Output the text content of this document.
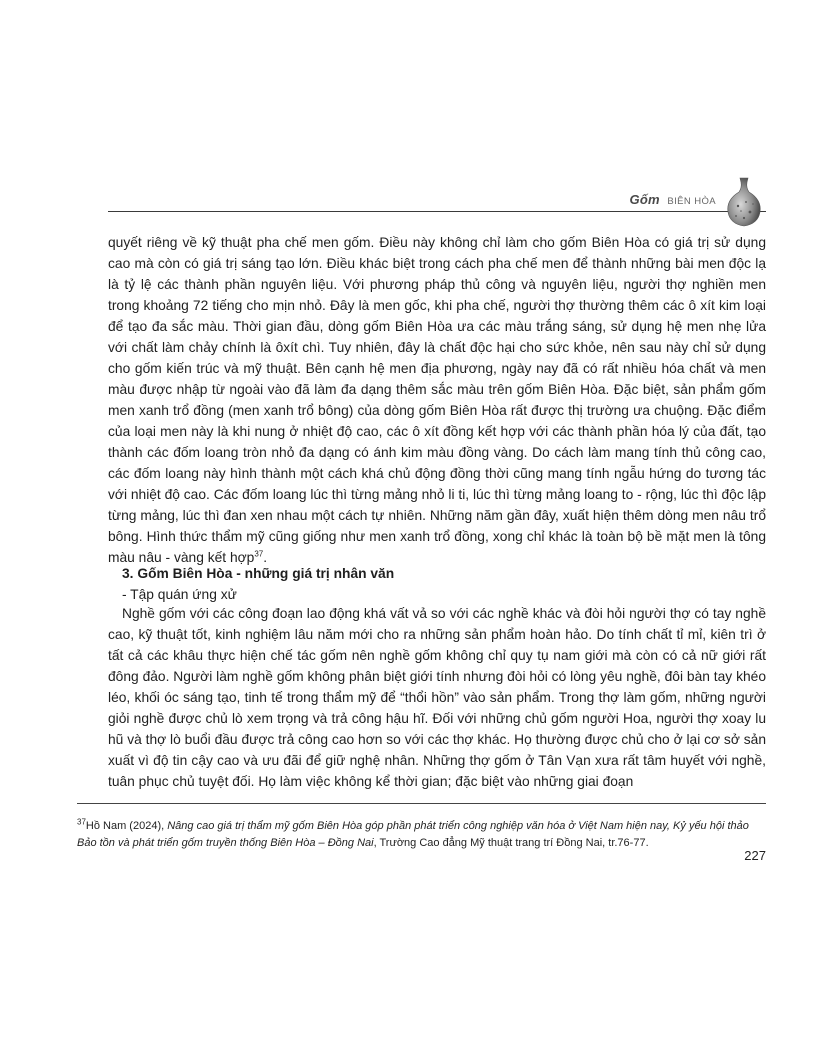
Gốm BIÊN HÒA

quyết riêng về kỹ thuật pha chế men gốm. Điều này không chỉ làm cho gốm Biên Hòa có giá trị sử dụng cao mà còn có giá trị sáng tạo lớn. Điều khác biệt trong cách pha chế men để thành những bài men độc lạ là tỷ lệ các thành phần nguyên liệu. Với phương pháp thủ công và nguyên liệu, người thợ nghiền men trong khoảng 72 tiếng cho mịn nhỏ. Đây là men gốc, khi pha chế, người thợ thường thêm các ô xít kim loại để tạo đa sắc màu. Thời gian đầu, dòng gốm Biên Hòa ưa các màu trắng sáng, sử dụng hệ men nhẹ lửa với chất làm chảy chính là ôxít chì. Tuy nhiên, đây là chất độc hại cho sức khỏe, nên sau này chỉ sử dụng cho gốm kiến trúc và mỹ thuật. Bên cạnh hệ men địa phương, ngày nay đã có rất nhiều hóa chất và men màu được nhập từ ngoài vào đã làm đa dạng thêm sắc màu trên gốm Biên Hòa. Đặc biệt, sản phẩm gốm men xanh trổ đồng (men xanh trổ bông) của dòng gốm Biên Hòa rất được thị trường ưa chuộng. Đặc điểm của loại men này là khi nung ở nhiệt độ cao, các ô xít đồng kết hợp với các thành phần hóa lý của đất, tạo thành các đốm loang tròn nhỏ đa dạng có ánh kim màu đồng vàng. Do cách làm mang tính thủ công cao, các đốm loang này hình thành một cách khá chủ động đồng thời cũng mang tính ngẫu hứng do tương tác với nhiệt độ cao. Các đốm loang lúc thì từng mảng nhỏ li ti, lúc thì từng mảng loang to - rộng, lúc thì độc lập từng mảng, lúc thì đan xen nhau một cách tự nhiên. Những năm gần đây, xuất hiện thêm dòng men nâu trổ bông. Hình thức thẩm mỹ cũng giống như men xanh trổ đồng, xong chỉ khác là toàn bộ bề mặt men là tông màu nâu - vàng kết hợp$^{37}$.

3. Gốm Biên Hòa - những giá trị nhân văn
- Tập quán ứng xử

Nghề gốm với các công đoạn lao động khá vất vả so với các nghề khác và đòi hỏi người thợ có tay nghề cao, kỹ thuật tốt, kinh nghiệm lâu năm mới cho ra những sản phẩm hoàn hảo. Do tính chất tỉ mỉ, kiên trì ở tất cả các khâu thực hiện chế tác gốm nên nghề gốm không chỉ quy tụ nam giới mà còn có cả nữ giới rất đông đảo. Người làm nghề gốm không phân biệt giới tính nhưng đòi hỏi có lòng yêu nghề, đôi bàn tay khéo léo, khối óc sáng tạo, tinh tế trong thẩm mỹ để “thổi hồn” vào sản phẩm. Trong thợ làm gốm, những người giỏi nghề được chủ lò xem trọng và trả công hậu hĩ. Đối với những chủ gốm người Hoa, người thợ xoay lu hũ và thợ lò buổi đầu được trả công cao hơn so với các thợ khác. Họ thường được chủ cho ở lại cơ sở sản xuất vì độ tin cậy cao và ưu đãi để giữ nghệ nhân. Những thợ gốm ở Tân Vạn xưa rất tâm huyết với nghề, tuân phục chủ tuyệt đối. Họ làm việc không kể thời gian; đặc biệt vào những giai đoạn

$^{37}$Hồ Nam (2024), Nâng cao giá trị thẩm mỹ gốm Biên Hòa góp phần phát triển công nghiệp văn hóa ở Việt Nam hiện nay, Kỷ yếu hội thảo Bảo tồn và phát triển gốm truyền thống Biên Hòa – Đồng Nai, Trường Cao đẳng Mỹ thuật trang trí Đồng Nai, tr.76-77.
227
